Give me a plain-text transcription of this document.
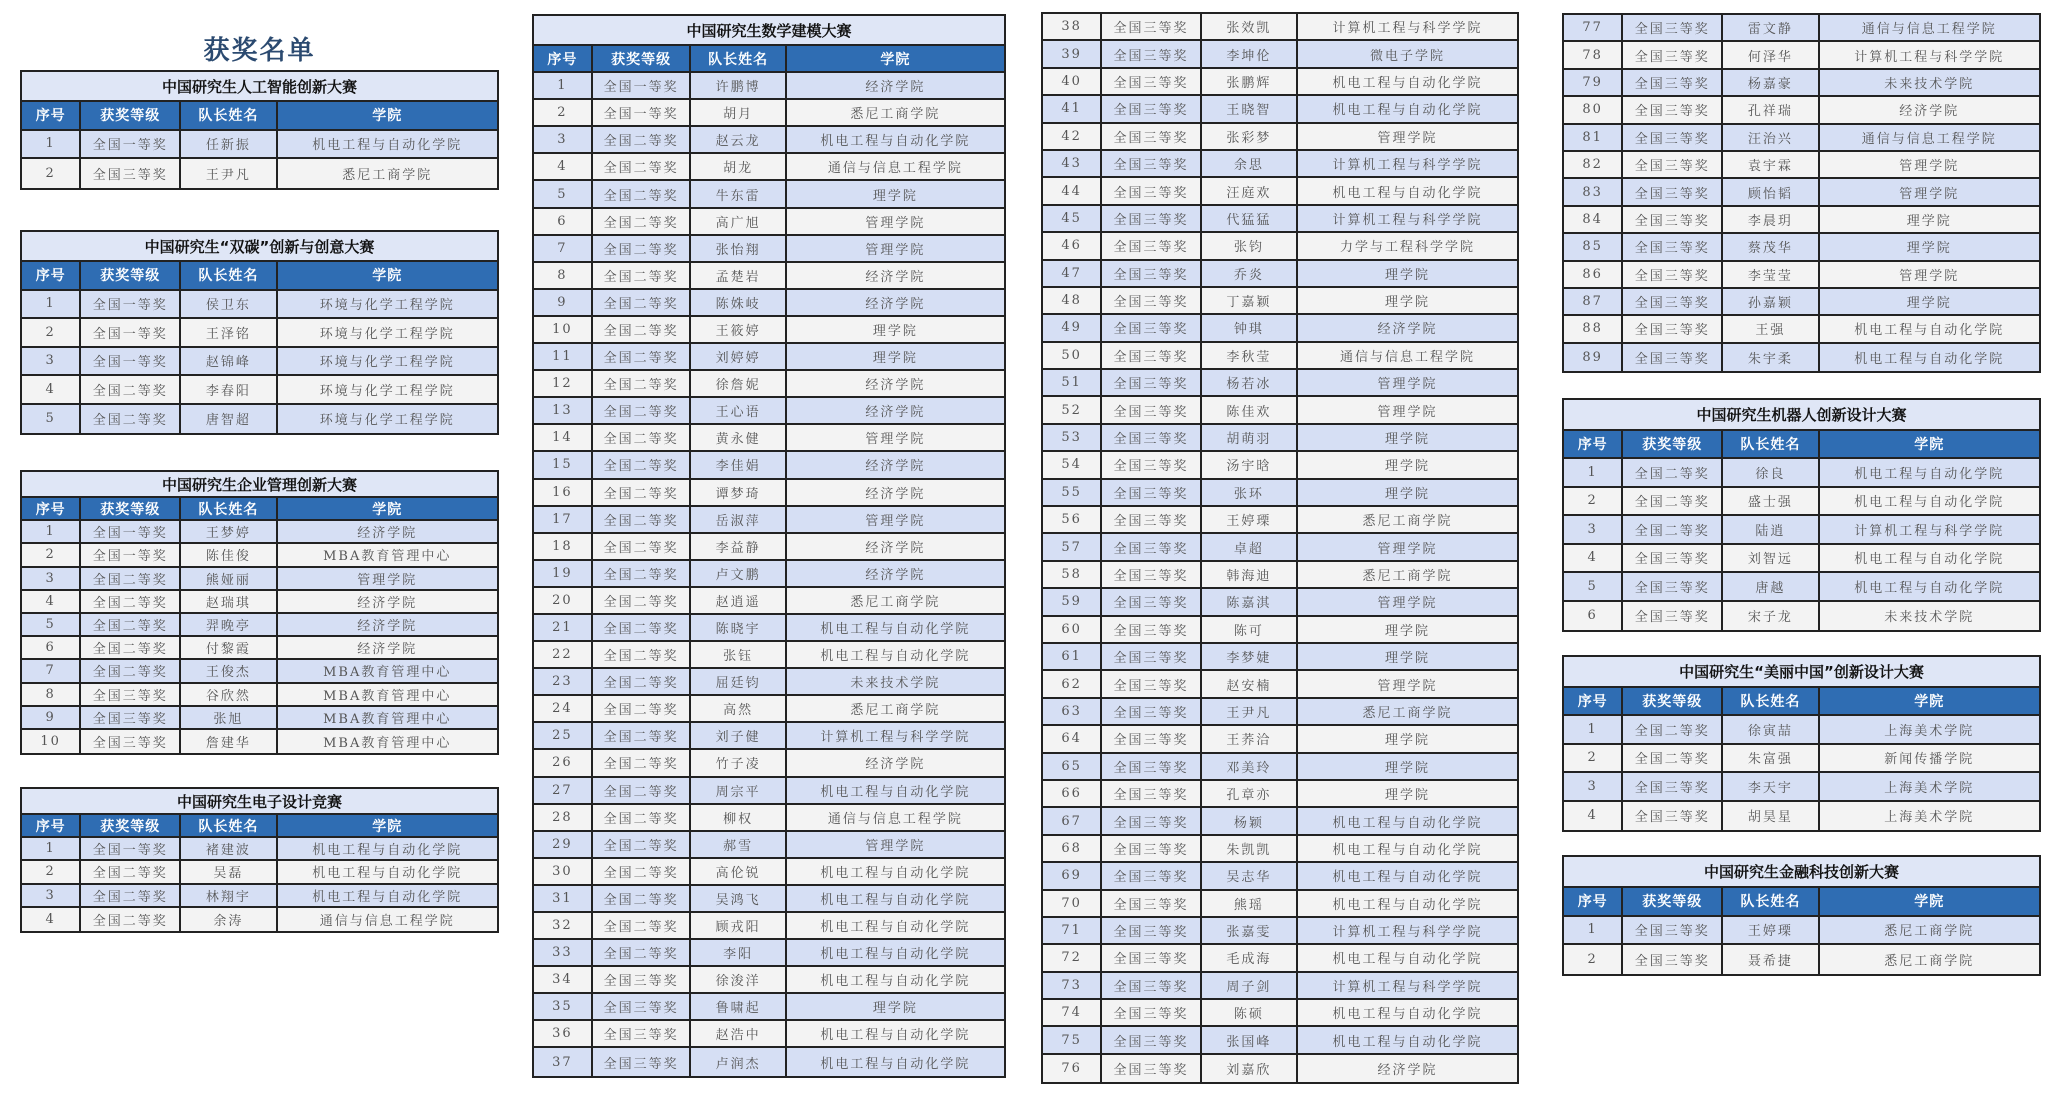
获奖名单
中国研究生人工智能创新大赛
序号	获奖等级	队长姓名	学院
1	全国一等奖	任新振	机电工程与自动化学院
2	全国三等奖	王尹凡	悉尼工商学院
中国研究生“双碳”创新与创意大赛
序号	获奖等级	队长姓名	学院
1	全国一等奖	侯卫东	环境与化学工程学院
2	全国一等奖	王泽铭	环境与化学工程学院
3	全国一等奖	赵锦峰	环境与化学工程学院
4	全国二等奖	李春阳	环境与化学工程学院
5	全国二等奖	唐智超	环境与化学工程学院
中国研究生企业管理创新大赛
序号	获奖等级	队长姓名	学院
1	全国一等奖	王梦婷	经济学院
2	全国一等奖	陈佳俊	MBA教育管理中心
3	全国二等奖	熊娅丽	管理学院
4	全国二等奖	赵瑞琪	经济学院
5	全国二等奖	羿晚亭	经济学院
6	全国二等奖	付黎霞	经济学院
7	全国二等奖	王俊杰	MBA教育管理中心
8	全国三等奖	谷欣然	MBA教育管理中心
9	全国三等奖	张旭	MBA教育管理中心
10	全国三等奖	詹建华	MBA教育管理中心
中国研究生电子设计竞赛
序号	获奖等级	队长姓名	学院
1	全国一等奖	褚建波	机电工程与自动化学院
2	全国二等奖	吴磊	机电工程与自动化学院
3	全国二等奖	林翔宇	机电工程与自动化学院
4	全国二等奖	余涛	通信与信息工程学院
中国研究生数学建模大赛
序号	获奖等级	队长姓名	学院
1	全国一等奖	许鹏博	经济学院
2	全国一等奖	胡月	悉尼工商学院
3	全国二等奖	赵云龙	机电工程与自动化学院
4	全国二等奖	胡龙	通信与信息工程学院
5	全国二等奖	牛东雷	理学院
6	全国二等奖	高广旭	管理学院
7	全国二等奖	张怡翔	管理学院
8	全国二等奖	孟楚岩	经济学院
9	全国二等奖	陈姝岐	经济学院
10	全国二等奖	王筱婷	理学院
11	全国二等奖	刘婷婷	理学院
12	全国二等奖	徐詹妮	经济学院
13	全国二等奖	王心语	经济学院
14	全国二等奖	黄永健	管理学院
15	全国二等奖	李佳娟	经济学院
16	全国二等奖	谭梦琦	经济学院
17	全国二等奖	岳淑萍	管理学院
18	全国二等奖	李益静	经济学院
19	全国二等奖	卢文鹏	经济学院
20	全国二等奖	赵逍遥	悉尼工商学院
21	全国二等奖	陈晓宇	机电工程与自动化学院
22	全国二等奖	张钰	机电工程与自动化学院
23	全国二等奖	屈廷钧	未来技术学院
24	全国二等奖	高然	悉尼工商学院
25	全国二等奖	刘子健	计算机工程与科学学院
26	全国二等奖	竹子凌	经济学院
27	全国二等奖	周宗平	机电工程与自动化学院
28	全国二等奖	柳权	通信与信息工程学院
29	全国二等奖	郝雪	管理学院
30	全国二等奖	高伦锐	机电工程与自动化学院
31	全国二等奖	吴鸿飞	机电工程与自动化学院
32	全国二等奖	顾戎阳	机电工程与自动化学院
33	全国二等奖	李阳	机电工程与自动化学院
34	全国三等奖	徐浚洋	机电工程与自动化学院
35	全国三等奖	鲁啸起	理学院
36	全国三等奖	赵浩中	机电工程与自动化学院
37	全国三等奖	卢润杰	机电工程与自动化学院
38	全国三等奖	张效凯	计算机工程与科学学院
39	全国三等奖	李坤伦	微电子学院
40	全国三等奖	张鹏辉	机电工程与自动化学院
41	全国三等奖	王晓智	机电工程与自动化学院
42	全国三等奖	张彩梦	管理学院
43	全国三等奖	余思	计算机工程与科学学院
44	全国三等奖	汪庭欢	机电工程与自动化学院
45	全国三等奖	代猛猛	计算机工程与科学学院
46	全国三等奖	张钧	力学与工程科学学院
47	全国三等奖	乔炎	理学院
48	全国三等奖	丁嘉颖	理学院
49	全国三等奖	钟琪	经济学院
50	全国三等奖	李秋莹	通信与信息工程学院
51	全国三等奖	杨若冰	管理学院
52	全国三等奖	陈佳欢	管理学院
53	全国三等奖	胡萌羽	理学院
54	全国三等奖	汤宇晗	理学院
55	全国三等奖	张环	理学院
56	全国三等奖	王婷瑮	悉尼工商学院
57	全国三等奖	卓超	管理学院
58	全国三等奖	韩海迪	悉尼工商学院
59	全国三等奖	陈嘉淇	管理学院
60	全国三等奖	陈可	理学院
61	全国三等奖	李梦婕	理学院
62	全国三等奖	赵安楠	管理学院
63	全国三等奖	王尹凡	悉尼工商学院
64	全国三等奖	王荞洽	理学院
65	全国三等奖	邓美玲	理学院
66	全国三等奖	孔章亦	理学院
67	全国三等奖	杨颖	机电工程与自动化学院
68	全国三等奖	朱凯凯	机电工程与自动化学院
69	全国三等奖	吴志华	机电工程与自动化学院
70	全国三等奖	熊瑶	机电工程与自动化学院
71	全国三等奖	张嘉雯	计算机工程与科学学院
72	全国三等奖	毛成海	机电工程与自动化学院
73	全国三等奖	周子剑	计算机工程与科学学院
74	全国三等奖	陈硕	机电工程与自动化学院
75	全国三等奖	张国峰	机电工程与自动化学院
76	全国三等奖	刘嘉欣	经济学院
77	全国三等奖	雷文静	通信与信息工程学院
78	全国三等奖	何泽华	计算机工程与科学学院
79	全国三等奖	杨嘉豪	未来技术学院
80	全国三等奖	孔祥瑞	经济学院
81	全国三等奖	汪治兴	通信与信息工程学院
82	全国三等奖	袁宇霖	管理学院
83	全国三等奖	顾怡韬	管理学院
84	全国三等奖	李晨玥	理学院
85	全国三等奖	蔡茂华	理学院
86	全国三等奖	李莹莹	管理学院
87	全国三等奖	孙嘉颖	理学院
88	全国三等奖	王强	机电工程与自动化学院
89	全国三等奖	朱宇柔	机电工程与自动化学院
中国研究生机器人创新设计大赛
序号	获奖等级	队长姓名	学院
1	全国二等奖	徐良	机电工程与自动化学院
2	全国二等奖	盛士强	机电工程与自动化学院
3	全国二等奖	陆逍	计算机工程与科学学院
4	全国三等奖	刘智远	机电工程与自动化学院
5	全国三等奖	唐越	机电工程与自动化学院
6	全国三等奖	宋子龙	未来技术学院
中国研究生“美丽中国”创新设计大赛
序号	获奖等级	队长姓名	学院
1	全国二等奖	徐寅喆	上海美术学院
2	全国二等奖	朱富强	新闻传播学院
3	全国三等奖	李天宇	上海美术学院
4	全国三等奖	胡昊星	上海美术学院
中国研究生金融科技创新大赛
序号	获奖等级	队长姓名	学院
1	全国三等奖	王婷瑮	悉尼工商学院
2	全国三等奖	聂希捷	悉尼工商学院
